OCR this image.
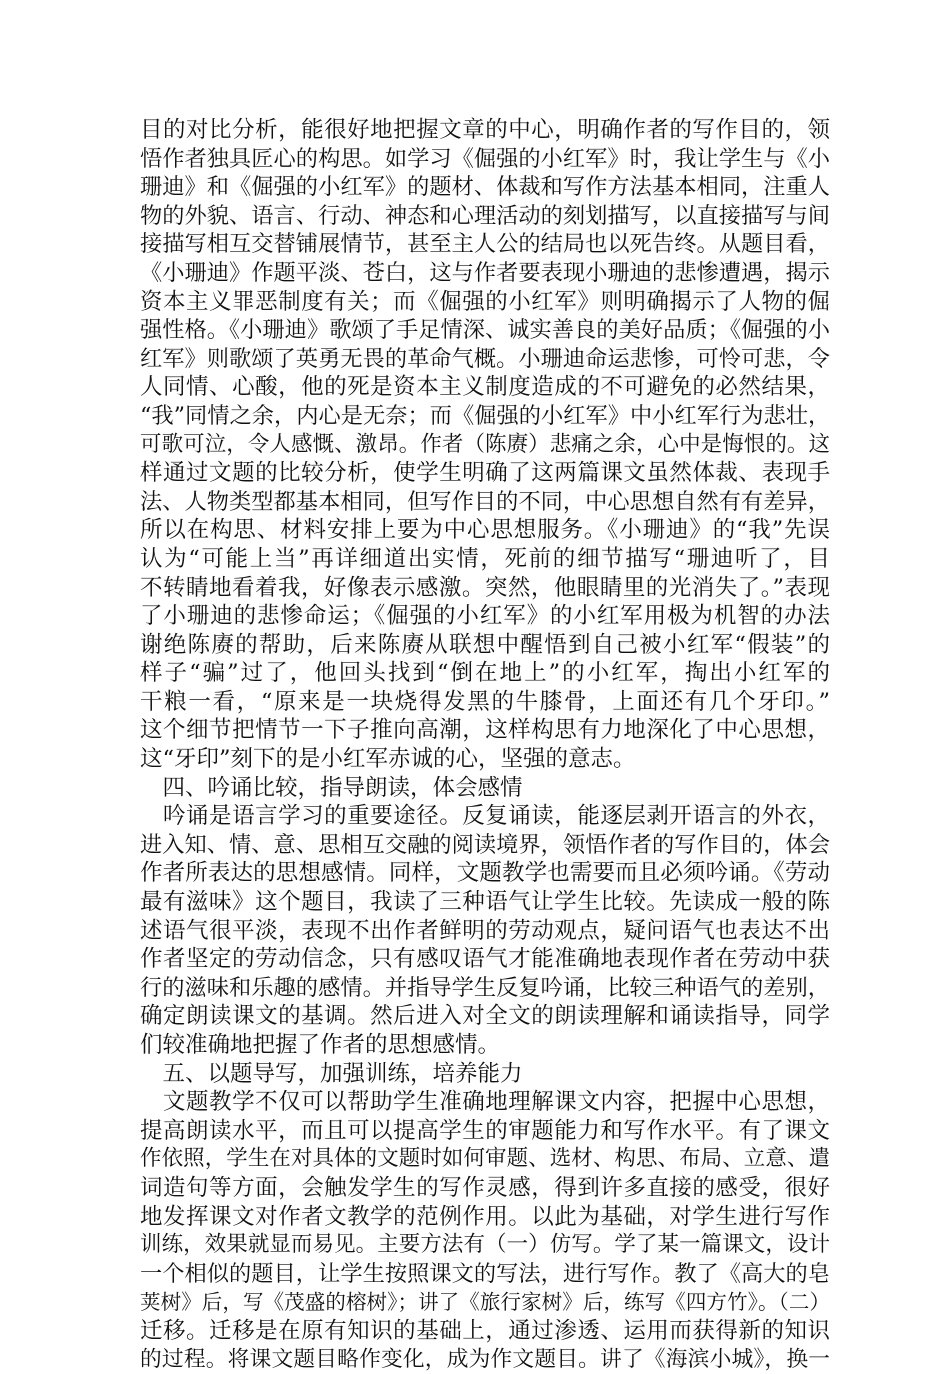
目的对比分析，能很好地把握文章的中心，明确作者的写作目的，领
悟作者独具匠心的构思。如学习《倔强的小红军》时，我让学生与《小
珊迪》和《倔强的小红军》的题材、体裁和写作方法基本相同，注重人
物的外貌、语言、行动、神态和心理活动的刻划描写，以直接描写与间
接描写相互交替铺展情节，甚至主人公的结局也以死告终。从题目看，
《小珊迪》作题平淡、苍白，这与作者要表现小珊迪的悲惨遭遇，揭示
资本主义罪恶制度有关；而《倔强的小红军》则明确揭示了人物的倔
强性格。《小珊迪》歌颂了手足情深、诚实善良的美好品质；《倔强的小
红军》则歌颂了英勇无畏的革命气概。小珊迪命运悲惨，可怜可悲，令
人同情、心酸，他的死是资本主义制度造成的不可避免的必然结果，
“我”同情之余，内心是无奈；而《倔强的小红军》中小红军行为悲壮，
可歌可泣，令人感慨、激昂。作者（陈赓）悲痛之余，心中是悔恨的。这
样通过文题的比较分析，使学生明确了这两篇课文虽然体裁、表现手
法、人物类型都基本相同，但写作目的不同，中心思想自然有有差异，
所以在构思、材料安排上要为中心思想服务。《小珊迪》的“我”先误
认为“可能上当”再详细道出实情，死前的细节描写“珊迪听了，目
不转睛地看着我，好像表示感激。突然，他眼睛里的光消失了。”表现
了小珊迪的悲惨命运；《倔强的小红军》的小红军用极为机智的办法
谢绝陈赓的帮助，后来陈赓从联想中醒悟到自己被小红军“假装”的
样子“骗”过了，他回头找到“倒在地上”的小红军，掏出小红军的
干粮一看，“原来是一块烧得发黑的牛膝骨，上面还有几个牙印。”
这个细节把情节一下子推向高潮，这样构思有力地深化了中心思想，
这“牙印”刻下的是小红军赤诚的心，坚强的意志。
　四、吟诵比较，指导朗读，体会感情
　吟诵是语言学习的重要途径。反复诵读，能逐层剥开语言的外衣，
进入知、情、意、思相互交融的阅读境界，领悟作者的写作目的，体会
作者所表达的思想感情。同样，文题教学也需要而且必须吟诵。《劳动
最有滋味》这个题目，我读了三种语气让学生比较。先读成一般的陈
述语气很平淡，表现不出作者鲜明的劳动观点，疑问语气也表达不出
作者坚定的劳动信念，只有感叹语气才能准确地表现作者在劳动中获
行的滋味和乐趣的感情。并指导学生反复吟诵，比较三种语气的差别，
确定朗读课文的基调。然后进入对全文的朗读理解和诵读指导，同学
们较准确地把握了作者的思想感情。
　五、以题导写，加强训练，培养能力
　文题教学不仅可以帮助学生准确地理解课文内容，把握中心思想，
提高朗读水平，而且可以提高学生的审题能力和写作水平。有了课文
作依照，学生在对具体的文题时如何审题、选材、构思、布局、立意、遣
词造句等方面，会触发学生的写作灵感，得到许多直接的感受，很好
地发挥课文对作者文教学的范例作用。以此为基础，对学生进行写作
训练，效果就显而易见。主要方法有（一）仿写。学了某一篇课文，设计
一个相似的题目，让学生按照课文的写法，进行写作。教了《高大的皂
荚树》后，写《茂盛的榕树》；讲了《旅行家树》后，练写《四方竹》。（二）
迁移。迁移是在原有知识的基础上，通过渗透、运用而获得新的知识
的过程。将课文题目略作变化，成为作文题目。讲了《海滨小城》，换一
